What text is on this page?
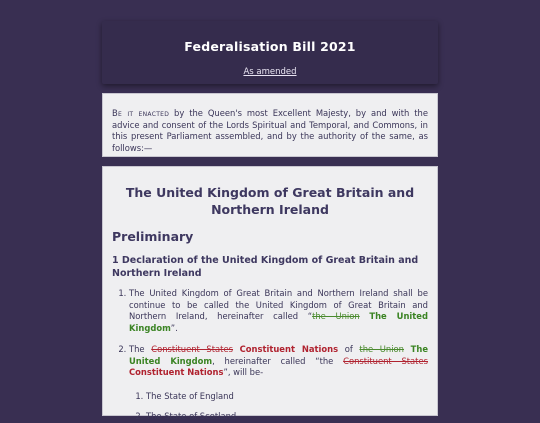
Federalisation Bill 2021
As amended
Be it enacted by the Queen's most Excellent Majesty, by and with the advice and consent of the Lords Spiritual and Temporal, and Commons, in this present Parliament assembled, and by the authority of the same, as follows:—
The United Kingdom of Great Britain and Northern Ireland
Preliminary
1 Declaration of the United Kingdom of Great Britain and Northern Ireland
1. The United Kingdom of Great Britain and Northern Ireland shall be continue to be called the United Kingdom of Great Britain and Northern Ireland, hereinafter called “the Union The United Kingdom”.
2. The Constituent States Constituent Nations of the Union The United Kingdom, hereinafter called “the Constituent States Constituent Nations”, will be-
1. The State of England
2. The State of Scotland
